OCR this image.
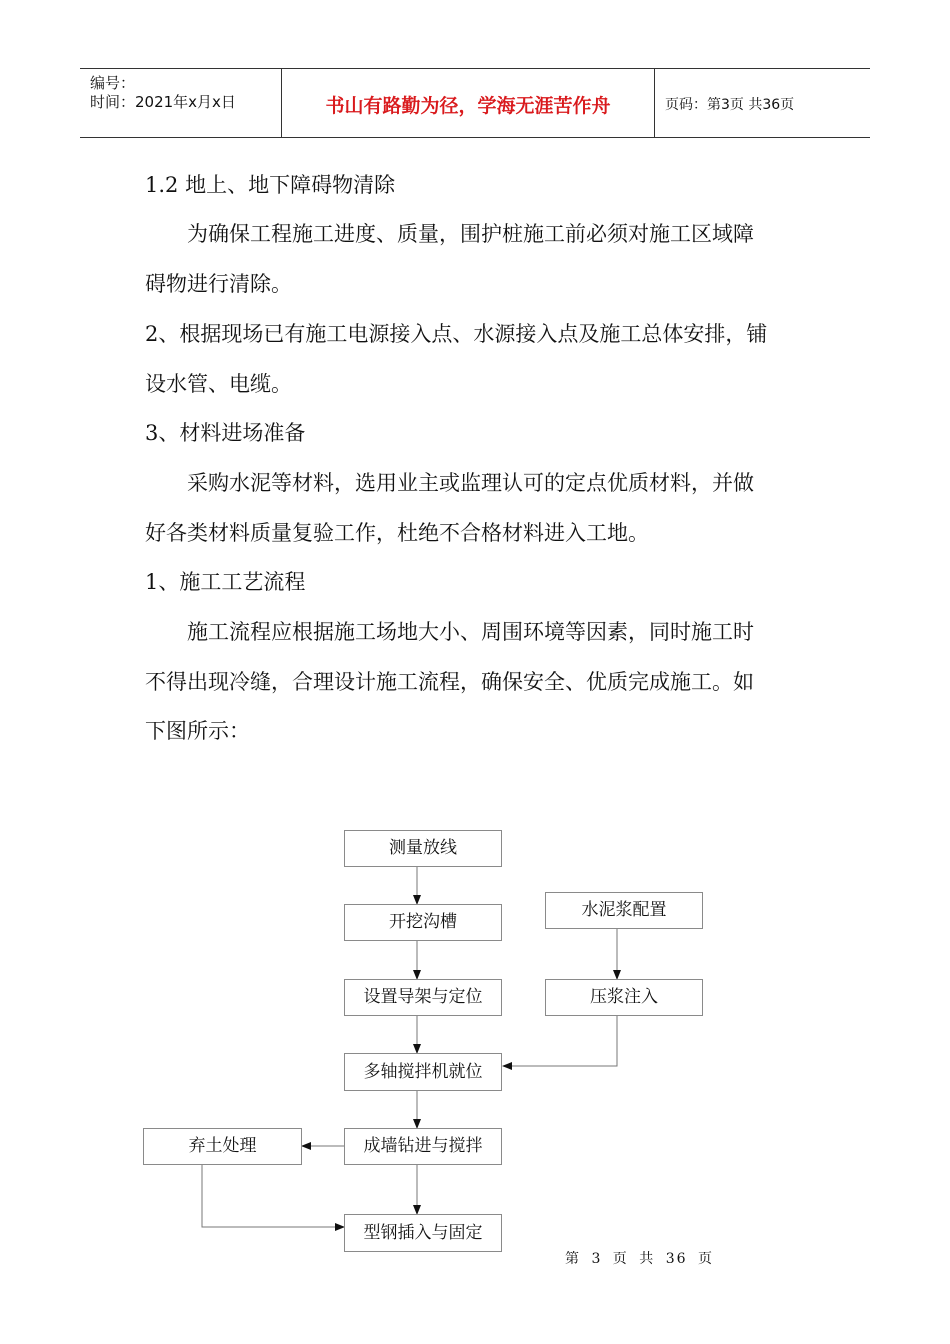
编号：
时间：2021年x月x日	书山有路勤为径，学海无涯苦作舟	页码：第3页 共36页
1.2 地上、地下障碍物清除
为确保工程施工进度、质量，围护桩施工前必须对施工区域障
碍物进行清除。
2、根据现场已有施工电源接入点、水源接入点及施工总体安排，铺
设水管、电缆。
3、材料进场准备
采购水泥等材料，选用业主或监理认可的定点优质材料，并做
好各类材料质量复验工作，杜绝不合格材料进入工地。
1、施工工艺流程
施工流程应根据施工场地大小、周围环境等因素，同时施工时
不得出现冷缝，合理设计施工流程，确保安全、优质完成施工。如
下图所示：
测量放线
开挖沟槽
设置导架与定位
多轴搅拌机就位
成墙钻进与搅拌
型钢插入与固定
水泥浆配置
压浆注入
弃土处理
第 3 页 共 36 页
